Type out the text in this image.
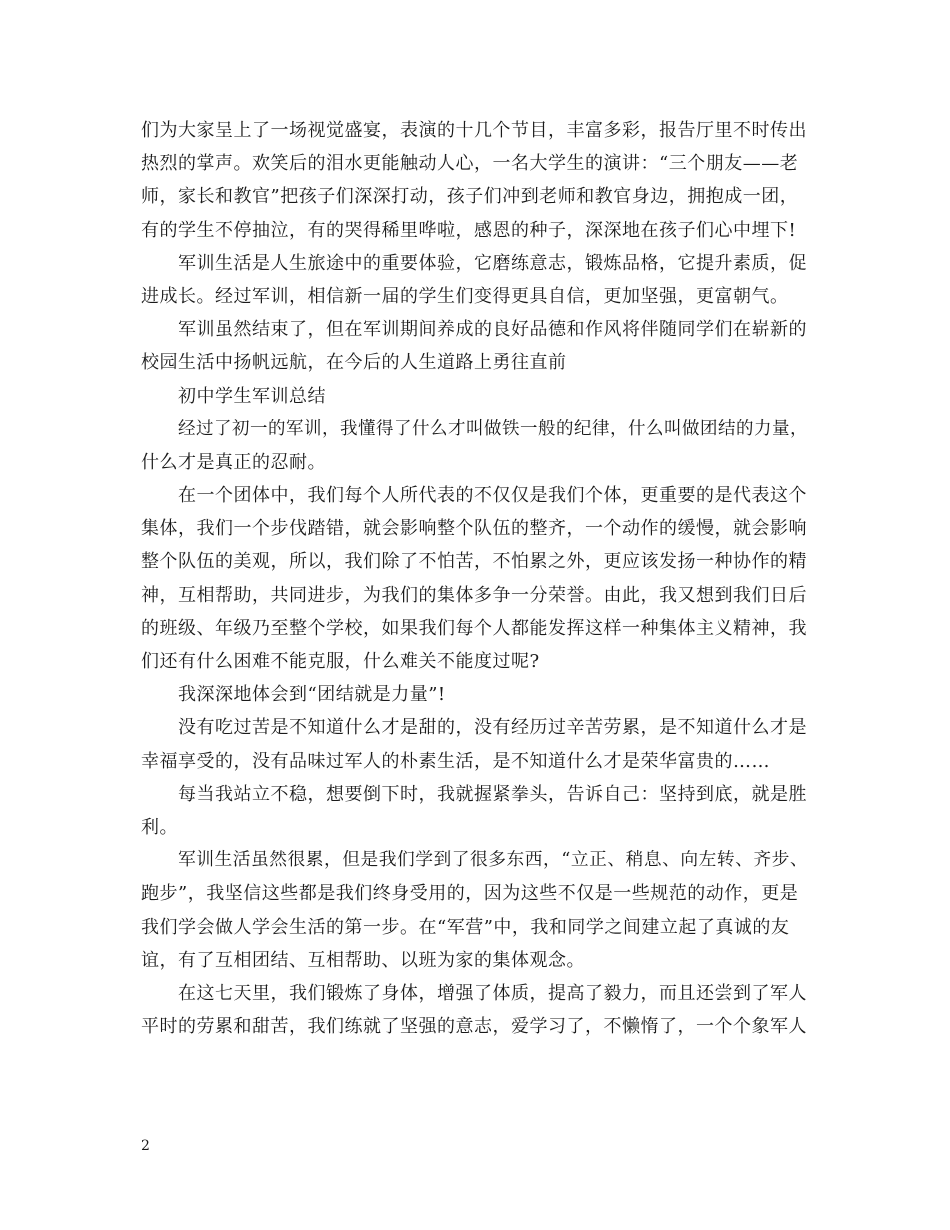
们为大家呈上了一场视觉盛宴，表演的十几个节目，丰富多彩，报告厅里不时传出
热烈的掌声。欢笑后的泪水更能触动人心，一名大学生的演讲：“三个朋友——老
师，家长和教官”把孩子们深深打动，孩子们冲到老师和教官身边，拥抱成一团，
有的学生不停抽泣，有的哭得稀里哗啦，感恩的种子，深深地在孩子们心中埋下!
军训生活是人生旅途中的重要体验，它磨练意志，锻炼品格，它提升素质，促
进成长。经过军训，相信新一届的学生们变得更具自信，更加坚强，更富朝气。
军训虽然结束了，但在军训期间养成的良好品德和作风将伴随同学们在崭新的
校园生活中扬帆远航，在今后的人生道路上勇往直前
初中学生军训总结
经过了初一的军训，我懂得了什么才叫做铁一般的纪律，什么叫做团结的力量，
什么才是真正的忍耐。
在一个团体中，我们每个人所代表的不仅仅是我们个体，更重要的是代表这个
集体，我们一个步伐踏错，就会影响整个队伍的整齐，一个动作的缓慢，就会影响
整个队伍的美观，所以，我们除了不怕苦，不怕累之外，更应该发扬一种协作的精
神，互相帮助，共同进步，为我们的集体多争一分荣誉。由此，我又想到我们日后
的班级、年级乃至整个学校，如果我们每个人都能发挥这样一种集体主义精神，我
们还有什么困难不能克服，什么难关不能度过呢?
我深深地体会到“团结就是力量”!
没有吃过苦是不知道什么才是甜的，没有经历过辛苦劳累，是不知道什么才是
幸福享受的，没有品味过军人的朴素生活，是不知道什么才是荣华富贵的……
每当我站立不稳，想要倒下时，我就握紧拳头，告诉自己：坚持到底，就是胜
利。
军训生活虽然很累，但是我们学到了很多东西，“立正、稍息、向左转、齐步、
跑步”，我坚信这些都是我们终身受用的，因为这些不仅是一些规范的动作，更是
我们学会做人学会生活的第一步。在“军营”中，我和同学之间建立起了真诚的友
谊，有了互相团结、互相帮助、以班为家的集体观念。
在这七天里，我们锻炼了身体，增强了体质，提高了毅力，而且还尝到了军人
平时的劳累和甜苦，我们练就了坚强的意志，爱学习了，不懒惰了，一个个象军人
2
